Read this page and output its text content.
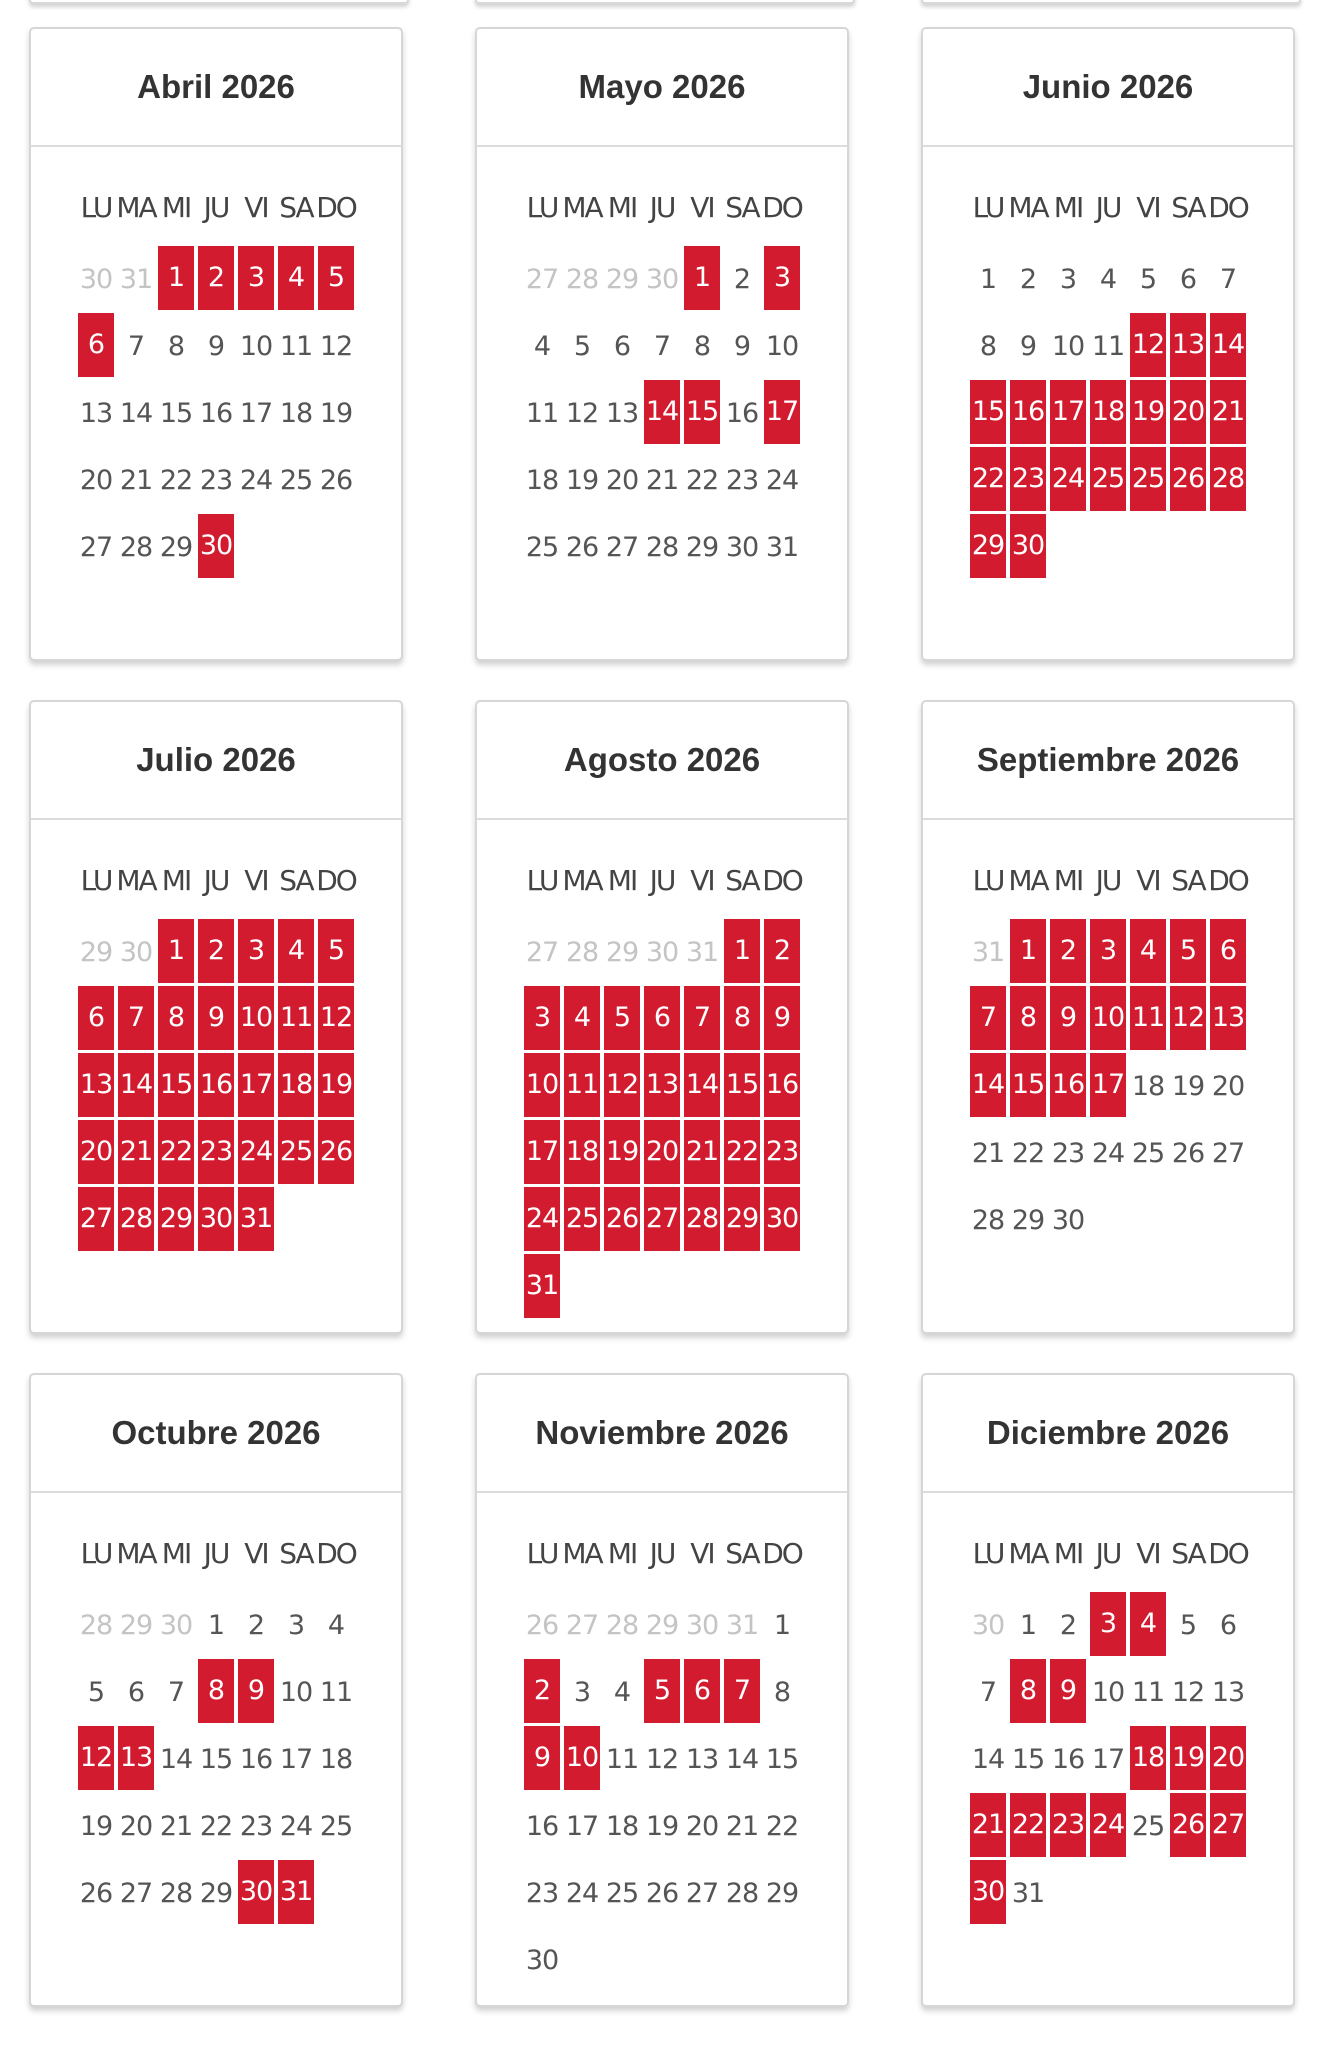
Abril 2026
LU MA MI JU VI SA DO
30 31 1 2 3 4 5
6 7 8 9 10 11 12
13 14 15 16 17 18 19
20 21 22 23 24 25 26
27 28 29 30
Mayo 2026
LU MA MI JU VI SA DO
27 28 29 30 1 2 3
4 5 6 7 8 9 10
11 12 13 14 15 16 17
18 19 20 21 22 23 24
25 26 27 28 29 30 31
Junio 2026
LU MA MI JU VI SA DO
1 2 3 4 5 6 7
8 9 10 11 12 13 14
15 16 17 18 19 20 21
22 23 24 25 25 26 28
29 30
Julio 2026
LU MA MI JU VI SA DO
29 30 1 2 3 4 5
6 7 8 9 10 11 12
13 14 15 16 17 18 19
20 21 22 23 24 25 26
27 28 29 30 31
Agosto 2026
LU MA MI JU VI SA DO
27 28 29 30 31 1 2
3 4 5 6 7 8 9
10 11 12 13 14 15 16
17 18 19 20 21 22 23
24 25 26 27 28 29 30
31
Septiembre 2026
LU MA MI JU VI SA DO
31 1 2 3 4 5 6
7 8 9 10 11 12 13
14 15 16 17 18 19 20
21 22 23 24 25 26 27
28 29 30
Octubre 2026
LU MA MI JU VI SA DO
28 29 30 1 2 3 4
5 6 7 8 9 10 11
12 13 14 15 16 17 18
19 20 21 22 23 24 25
26 27 28 29 30 31
Noviembre 2026
LU MA MI JU VI SA DO
26 27 28 29 30 31 1
2 3 4 5 6 7 8
9 10 11 12 13 14 15
16 17 18 19 20 21 22
23 24 25 26 27 28 29
30
Diciembre 2026
LU MA MI JU VI SA DO
30 1 2 3 4 5 6
7 8 9 10 11 12 13
14 15 16 17 18 19 20
21 22 23 24 25 26 27
30 31
